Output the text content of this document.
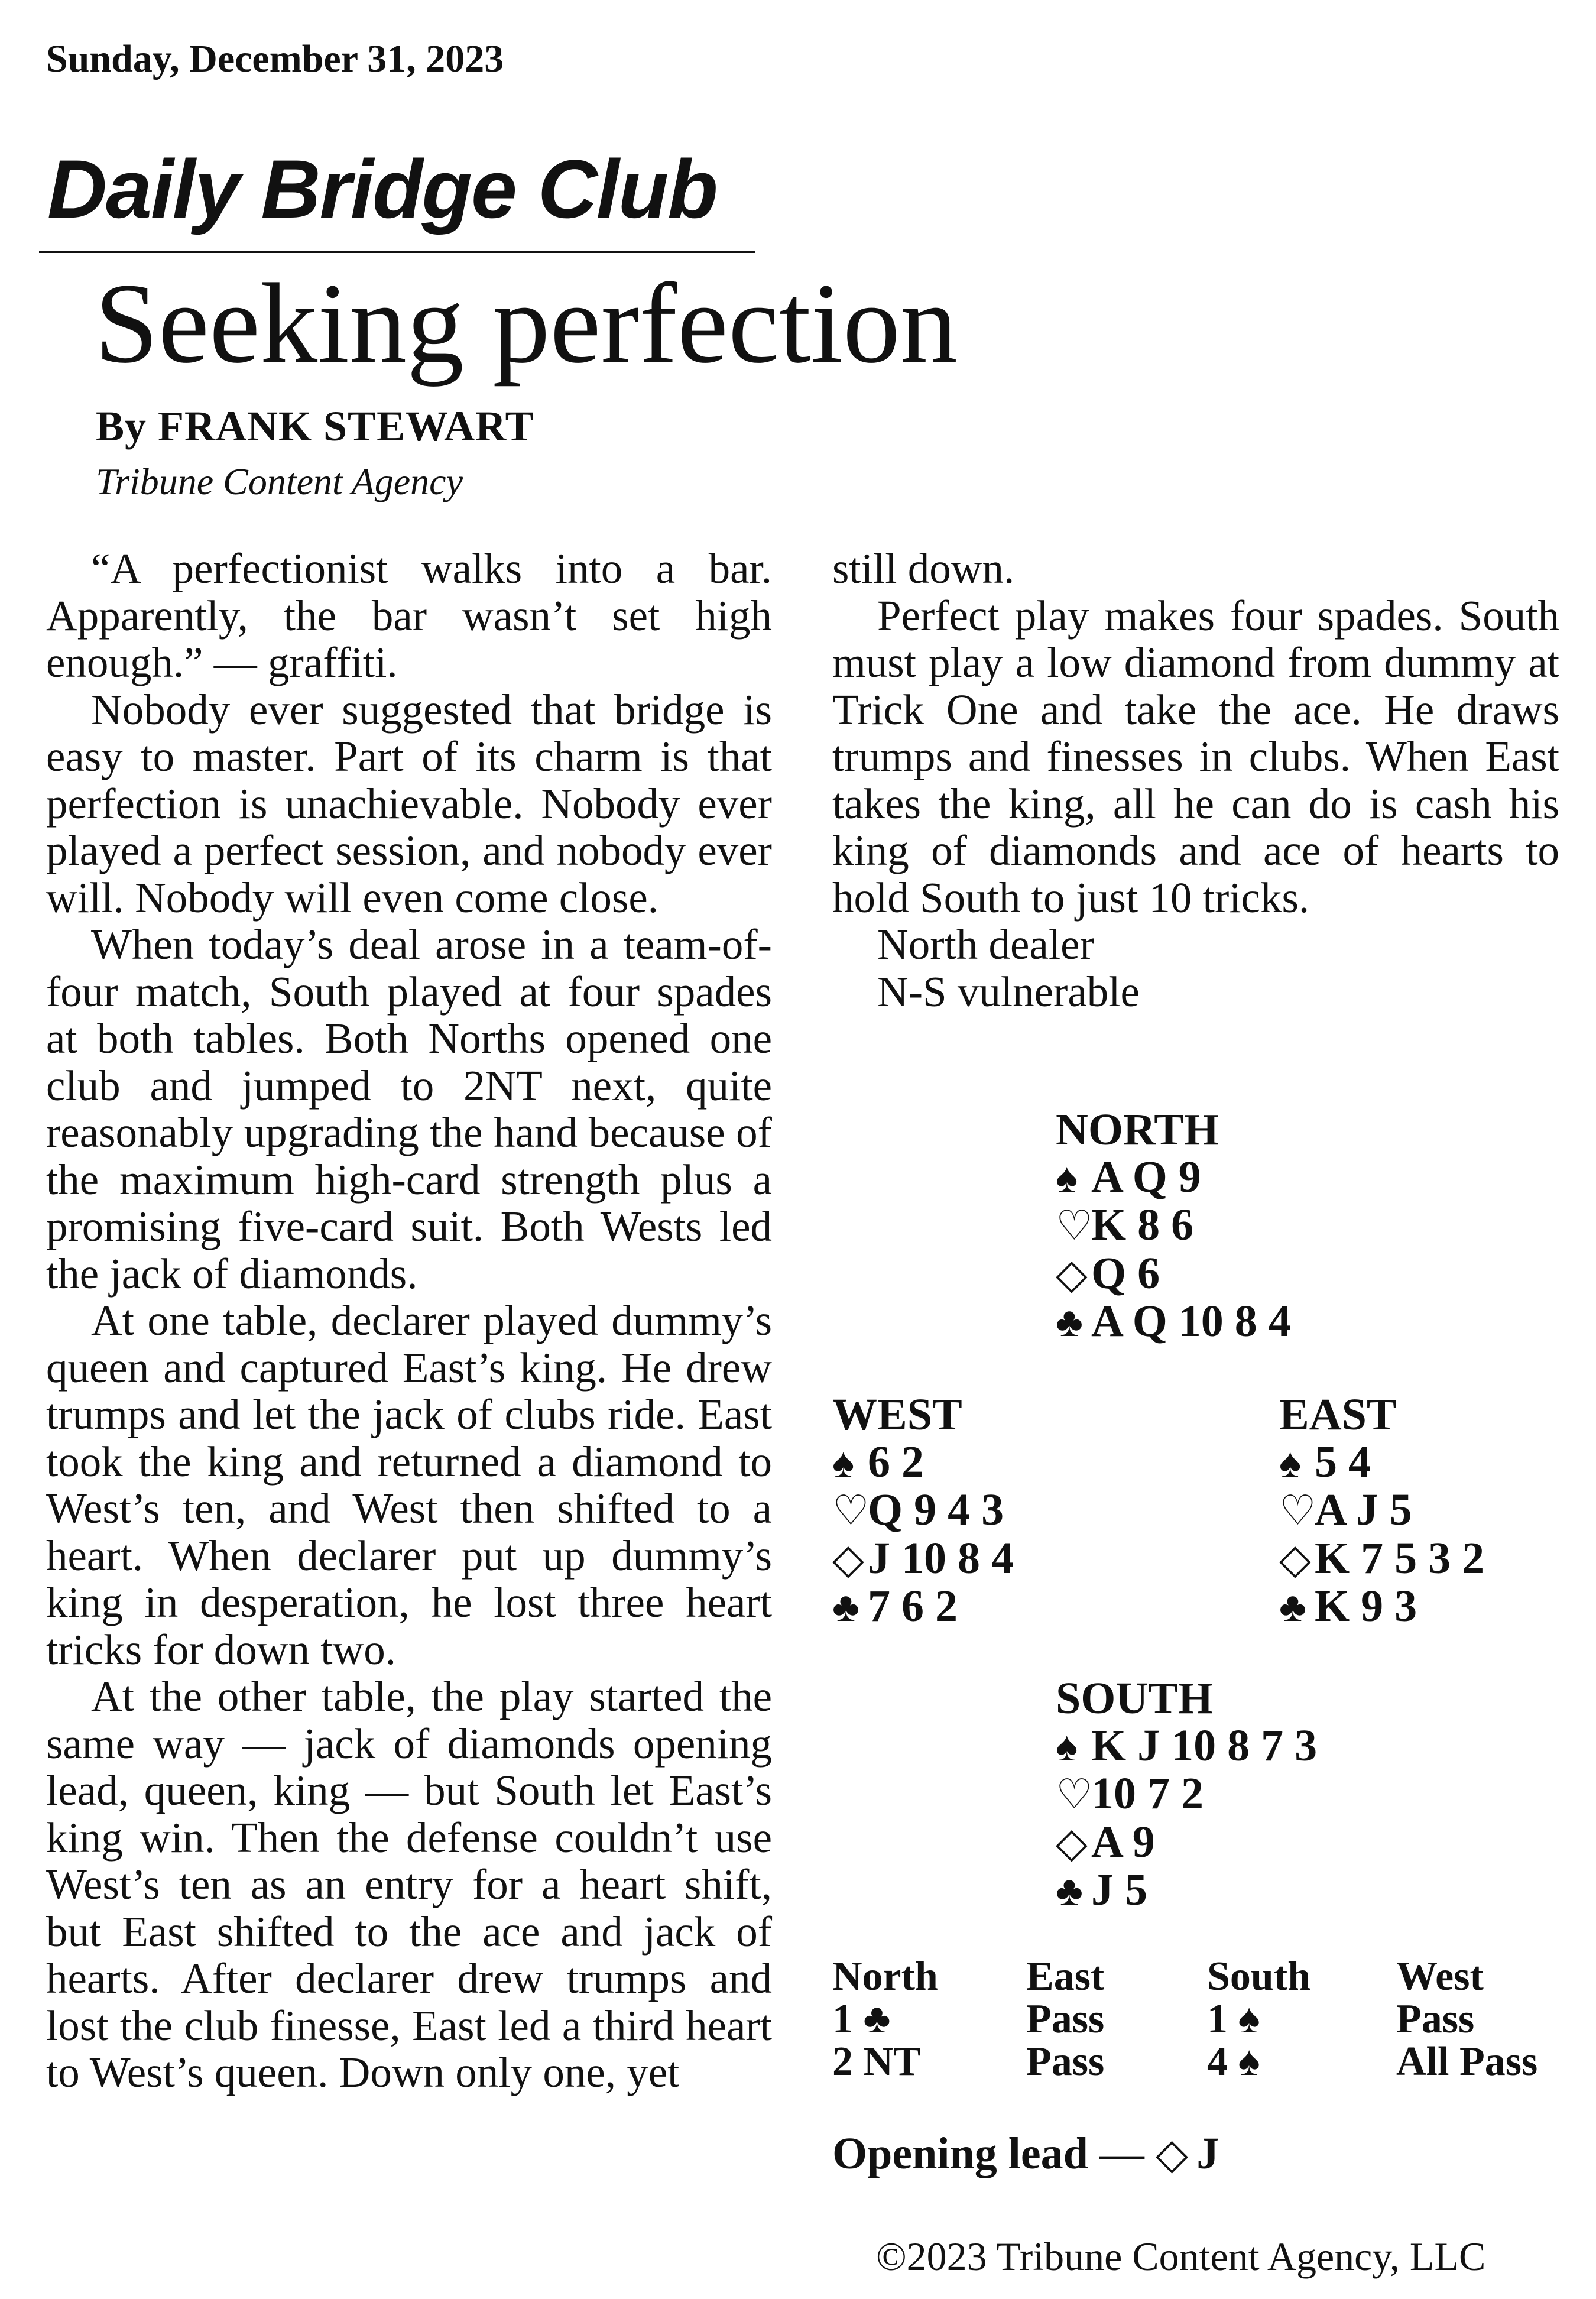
Sunday, December 31, 2023
Daily Bridge Club
Seeking perfection
By FRANK STEWART
Tribune Content Agency

“A perfectionist walks into a bar. Apparently, the bar wasn’t set high enough.” — graffiti.

Nobody ever suggested that bridge is easy to master. Part of its charm is that perfection is unachievable. Nobody ever played a perfect session, and nobody ever will. Nobody will even come close.

When today’s deal arose in a team-of-four match, South played at four spades at both tables. Both Norths opened one club and jumped to 2NT next, quite reasonably upgrading the hand because of the maximum high-card strength plus a promising five-card suit. Both Wests led the jack of diamonds.

At one table, declarer played dummy’s queen and captured East’s king. He drew trumps and let the jack of clubs ride. East took the king and returned a diamond to West’s ten, and West then shifted to a heart. When declarer put up dummy’s king in desperation, he lost three heart tricks for down two.

At the other table, the play started the same way — jack of diamonds opening lead, queen, king — but South let East’s king win. Then the defense couldn’t use West’s ten as an entry for a heart shift, but East shifted to the ace and jack of hearts. After declarer drew trumps and lost the club finesse, East led a third heart to West’s queen. Down only one, yet

still down.

Perfect play makes four spades. South must play a low diamond from dummy at Trick One and take the ace. He draws trumps and finesses in clubs. When East takes the king, all he can do is cash his king of diamonds and ace of hearts to hold South to just 10 tricks.

North dealer
N-S vulnerable
NORTH
♠ A Q 9
♡K 8 6
◇Q 6
♣ A Q 10 8 4
WEST
♠ 6 2
♡Q 9 4 3
◇J 10 8 4
♣ 7 6 2
EAST
♠ 5 4
♡A J 5
◇K 7 5 3 2
♣ K 9 3
SOUTH
♠ K J 10 8 7 3
♡10 7 2
◇A 9
♣ J 5
North	East	South	West
1 ♣	Pass	1 ♠	Pass
2 NT	Pass	4 ♠	All Pass
Opening lead — ◇ J
©2023 Tribune Content Agency, LLC
